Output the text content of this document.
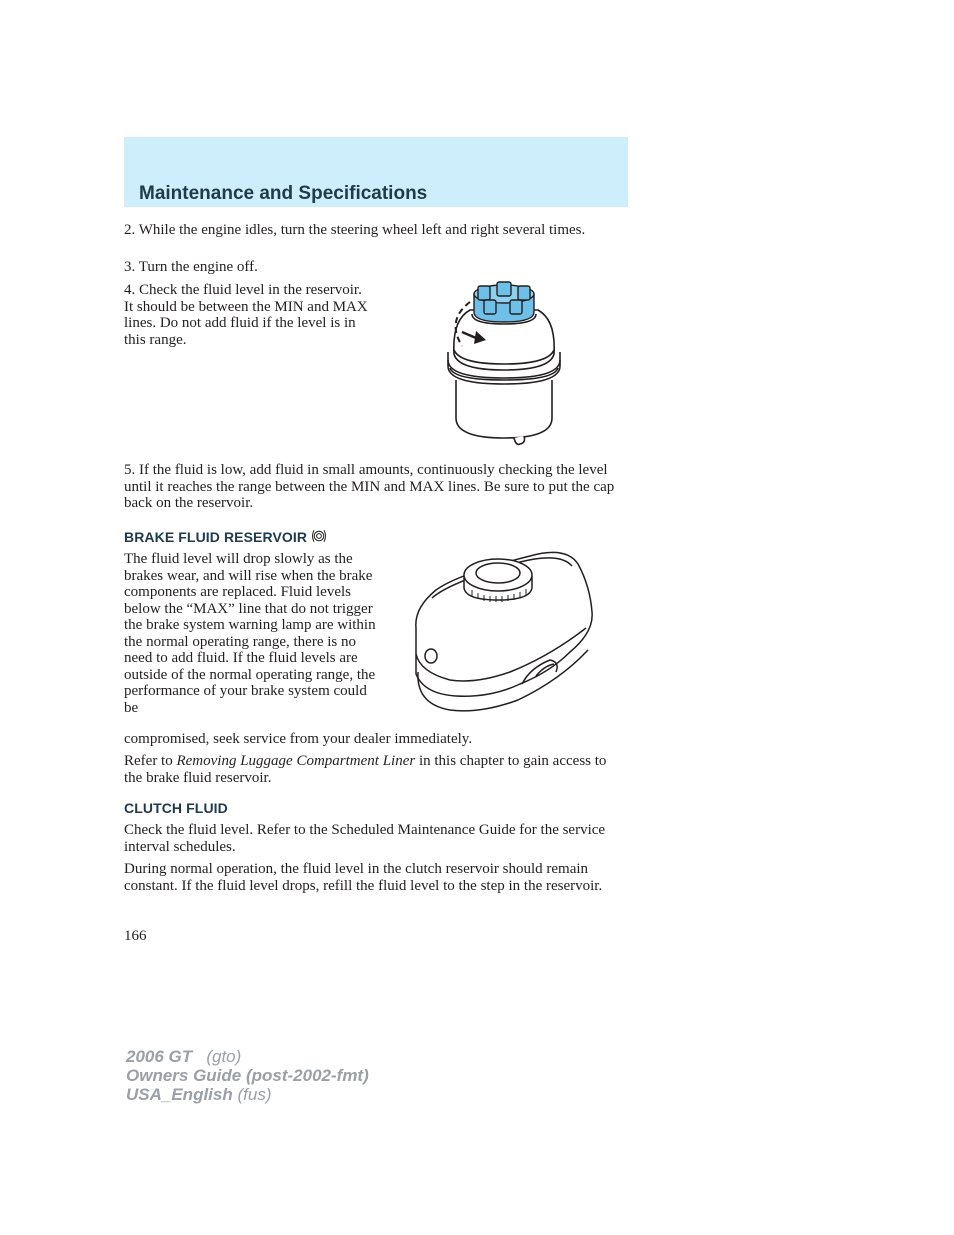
Maintenance and Specifications

2. While the engine idles, turn the steering wheel left and right several times.

3. Turn the engine off.

4. Check the fluid level in the reservoir. It should be between the MIN and MAX lines. Do not add fluid if the level is in this range.

5. If the fluid is low, add fluid in small amounts, continuously checking the level until it reaches the range between the MIN and MAX lines. Be sure to put the cap back on the reservoir.

BRAKE FLUID RESERVOIR

The fluid level will drop slowly as the brakes wear, and will rise when the brake components are replaced. Fluid levels below the “MAX” line that do not trigger the brake system warning lamp are within the normal operating range, there is no need to add fluid. If the fluid levels are outside of the normal operating range, the performance of your brake system could be

compromised, seek service from your dealer immediately.

Refer to Removing Luggage Compartment Liner in this chapter to gain access to the brake fluid reservoir.

CLUTCH FLUID

Check the fluid level. Refer to the Scheduled Maintenance Guide for the service interval schedules.

During normal operation, the fluid level in the clutch reservoir should remain constant. If the fluid level drops, refill the fluid level to the step in the reservoir.

166

2006 GT (gto)
Owners Guide (post-2002-fmt)
USA_English (fus)
